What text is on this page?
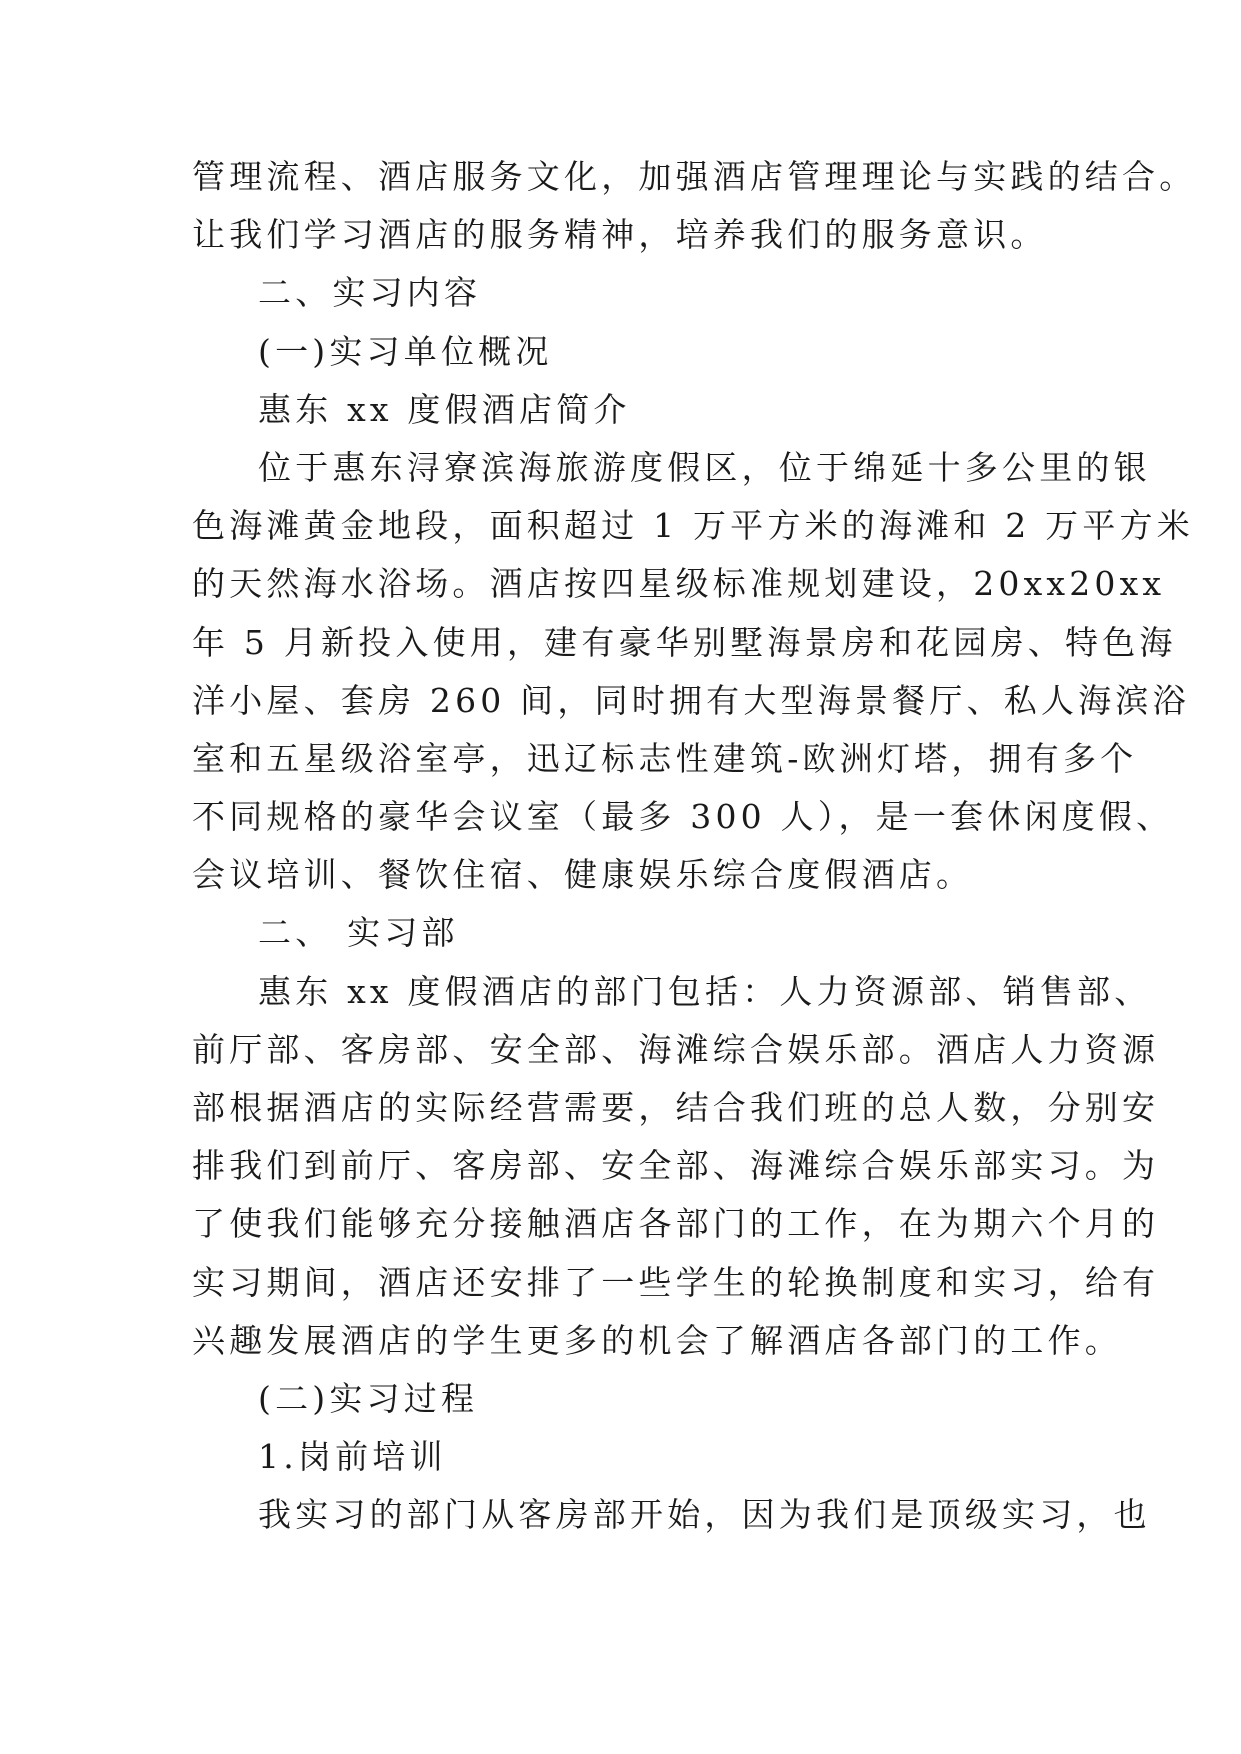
管理流程、酒店服务文化，加强酒店管理理论与实践的结合。
让我们学习酒店的服务精神，培养我们的服务意识。
二、实习内容
(一)实习单位概况
惠东 xx 度假酒店简介
位于惠东浔寮滨海旅游度假区，位于绵延十多公里的银
色海滩黄金地段，面积超过 1 万平方米的海滩和 2 万平方米
的天然海水浴场。酒店按四星级标准规划建设，20xx20xx
年 5 月新投入使用，建有豪华别墅海景房和花园房、特色海
洋小屋、套房 260 间，同时拥有大型海景餐厅、私人海滨浴
室和五星级浴室亭，迅辽标志性建筑-欧洲灯塔，拥有多个
不同规格的豪华会议室（最多 300 人），是一套休闲度假、
会议培训、餐饮住宿、健康娱乐综合度假酒店。
二、 实习部
惠东 xx 度假酒店的部门包括：人力资源部、销售部、
前厅部、客房部、安全部、海滩综合娱乐部。酒店人力资源
部根据酒店的实际经营需要，结合我们班的总人数，分别安
排我们到前厅、客房部、安全部、海滩综合娱乐部实习。为
了使我们能够充分接触酒店各部门的工作，在为期六个月的
实习期间，酒店还安排了一些学生的轮换制度和实习，给有
兴趣发展酒店的学生更多的机会了解酒店各部门的工作。
(二)实习过程
1.岗前培训
我实习的部门从客房部开始，因为我们是顶级实习，也
